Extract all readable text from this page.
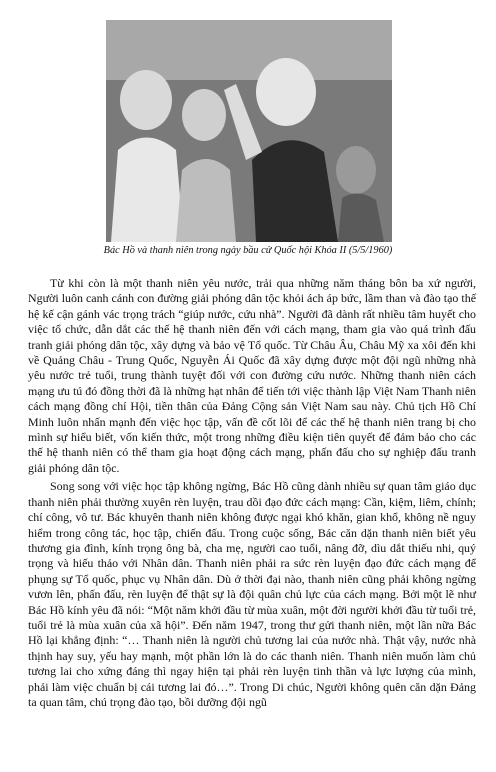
Bác Hồ và thanh niên trong ngày bầu cử Quốc hội Khóa II (5/5/1960)

Từ khi còn là một thanh niên yêu nước, trải qua những năm tháng bôn ba xứ người, Người luôn canh cánh con đường giải phóng dân tộc khỏi ách áp bức, lầm than và đào tạo thế hệ kế cận gánh vác trọng trách “giúp nước, cứu nhà”. Người đã dành rất nhiều tâm huyết cho việc tổ chức, dẫn dắt các thế hệ thanh niên đến với cách mạng, tham gia vào quá trình đấu tranh giải phóng dân tộc, xây dựng và bảo vệ Tổ quốc. Từ Châu Âu, Châu Mỹ xa xôi đến khi về Quảng Châu - Trung Quốc, Nguyễn Ái Quốc đã xây dựng được một đội ngũ những nhà yêu nước trẻ tuổi, trung thành tuyệt đối với con đường cứu nước. Những thanh niên cách mạng ưu tú đó đồng thời đã là những hạt nhân để tiến tới việc thành lập Việt Nam Thanh niên cách mạng đồng chí Hội, tiền thân của Đảng Cộng sản Việt Nam sau này. Chủ tịch Hồ Chí Minh luôn nhấn mạnh đến việc học tập, vấn đề cốt lõi để các thế hệ thanh niên trang bị cho mình sự hiểu biết, vốn kiến thức, một trong những điều kiện tiên quyết để đảm bảo cho các thế hệ thanh niên có thể tham gia hoạt động cách mạng, phấn đấu cho sự nghiệp đấu tranh giải phóng dân tộc.

Song song với việc học tập không ngừng, Bác Hồ cũng dành nhiều sự quan tâm giáo dục thanh niên phải thường xuyên rèn luyện, trau dồi đạo đức cách mạng: Cần, kiệm, liêm, chính; chí công, vô tư. Bác khuyên thanh niên không được ngại khó khăn, gian khổ, không nề nguy hiểm trong công tác, học tập, chiến đấu. Trong cuộc sống, Bác căn dặn thanh niên biết yêu thương gia đình, kính trọng ông bà, cha mẹ, người cao tuổi, nâng đỡ, dìu dắt thiếu nhi, quý trọng và hiếu thảo với Nhân dân. Thanh niên phải ra sức rèn luyện đạo đức cách mạng để phụng sự Tổ quốc, phục vụ Nhân dân. Dù ở thời đại nào, thanh niên cũng phải không ngừng vươn lên, phấn đấu, rèn luyện để thật sự là đội quân chủ lực của cách mạng. Bởi một lẽ như Bác Hồ kính yêu đã nói: “Một năm khởi đầu từ mùa xuân, một đời người khởi đầu từ tuổi trẻ, tuổi trẻ là mùa xuân của xã hội”. Đến năm 1947, trong thư gửi thanh niên, một lần nữa Bác Hồ lại khẳng định: “… Thanh niên là người chủ tương lai của nước nhà. Thật vậy, nước nhà thịnh hay suy, yếu hay mạnh, một phần lớn là do các thanh niên. Thanh niên muốn làm chủ tương lai cho xứng đáng thì ngay hiện tại phải rèn luyện tinh thần và lực lượng của mình, phải làm việc chuẩn bị cái tương lai đó…”. Trong Di chúc, Người không quên căn dặn Đảng ta quan tâm, chú trọng đào tạo, bồi dưỡng đội ngũ
